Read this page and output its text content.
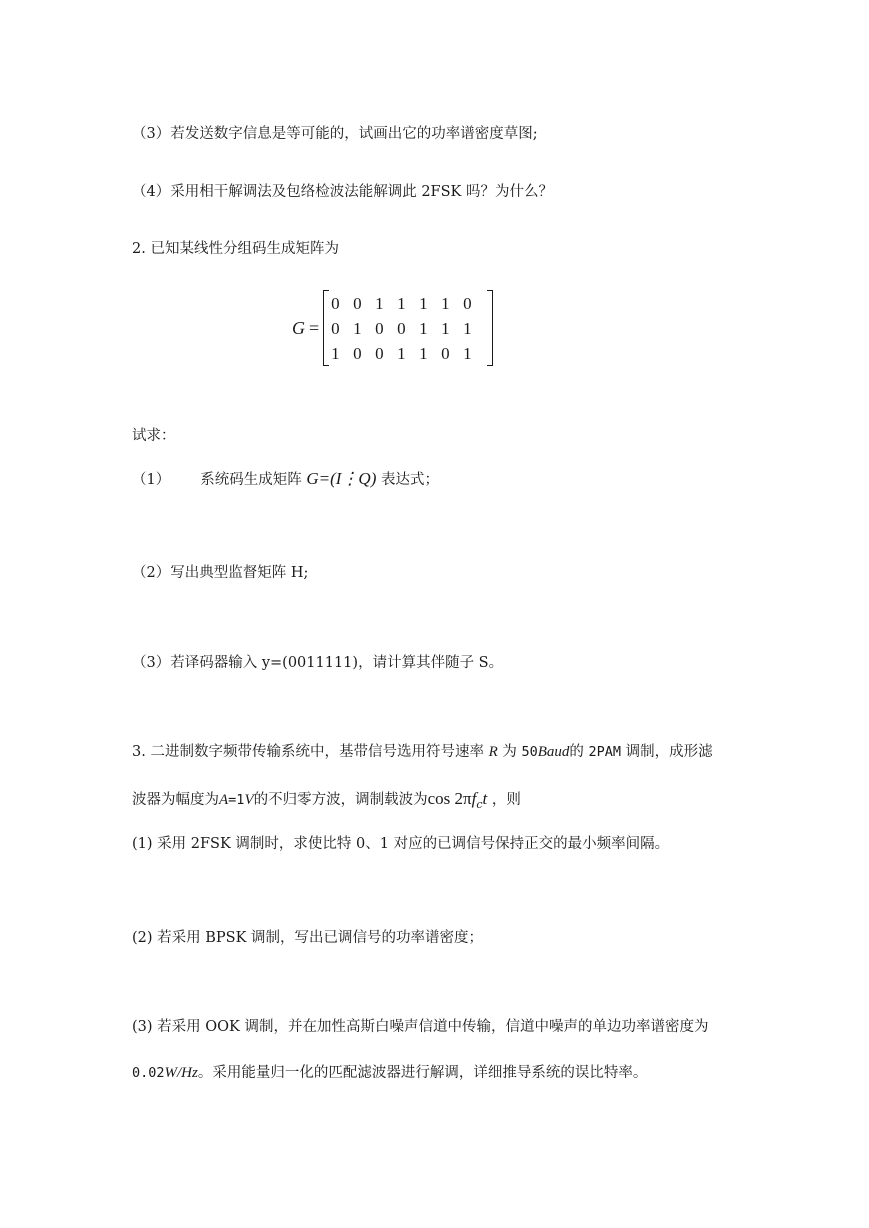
（3）若发送数字信息是等可能的，试画出它的功率谱密度草图;
（4）采用相干解调法及包络检波法能解调此 2FSK 吗？为什么？
2. 已知某线性分组码生成矩阵为
G =
0 0 1 1 1 1 0
0 1 0 0 1 1 1
1 0 0 1 1 0 1
试求：
（1） 系统码生成矩阵 G=(I⋮Q) 表达式；
（2）写出典型监督矩阵 H;
（3）若译码器输入 y=(0011111)，请计算其伴随子 S。
3. 二进制数字频带传输系统中，基带信号选用符号速率 R 为 50Baud的 2PAM 调制，成形滤
波器为幅度为A=1V的不归零方波，调制载波为$\cos 2\pi f_ct$ ，则
(1) 采用 2FSK 调制时，求使比特 0、1 对应的已调信号保持正交的最小频率间隔。
(2) 若采用 BPSK 调制，写出已调信号的功率谱密度；
(3) 若采用 OOK 调制，并在加性高斯白噪声信道中传输，信道中噪声的单边功率谱密度为
0.02W/Hz。采用能量归一化的匹配滤波器进行解调，详细推导系统的误比特率。
